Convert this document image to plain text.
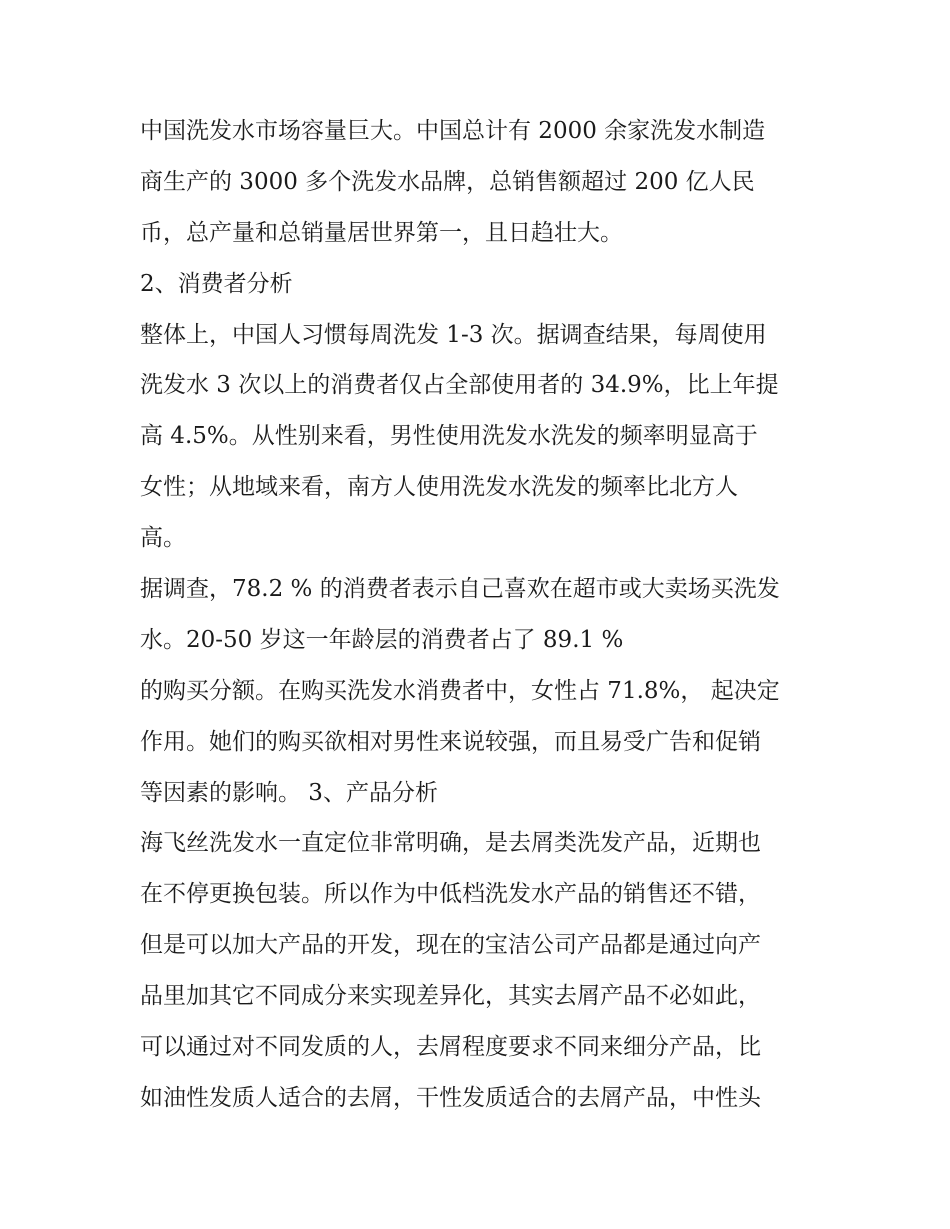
中国洗发水市场容量巨大。中国总计有 2000 余家洗发水制造
商生产的 3000 多个洗发水品牌，总销售额超过 200 亿人民
币，总产量和总销量居世界第一，且日趋壮大。
2、消费者分析
整体上，中国人习惯每周洗发 1-3 次。据调查结果，每周使用
洗发水 3 次以上的消费者仅占全部使用者的 34.9%，比上年提
高 4.5%。从性别来看，男性使用洗发水洗发的频率明显高于
女性；从地域来看，南方人使用洗发水洗发的频率比北方人
高。
据调查，78.2 % 的消费者表示自己喜欢在超市或大卖场买洗发
水。20-50 岁这一年龄层的消费者占了 89.1 %
的购买分额。在购买洗发水消费者中，女性占 71.8%， 起决定
作用。她们的购买欲相对男性来说较强，而且易受广告和促销
等因素的影响。 3、产品分析
海飞丝洗发水一直定位非常明确，是去屑类洗发产品，近期也
在不停更换包装。所以作为中低档洗发水产品的销售还不错，
但是可以加大产品的开发，现在的宝洁公司产品都是通过向产
品里加其它不同成分来实现差异化，其实去屑产品不必如此，
可以通过对不同发质的人，去屑程度要求不同来细分产品，比
如油性发质人适合的去屑，干性发质适合的去屑产品，中性头
